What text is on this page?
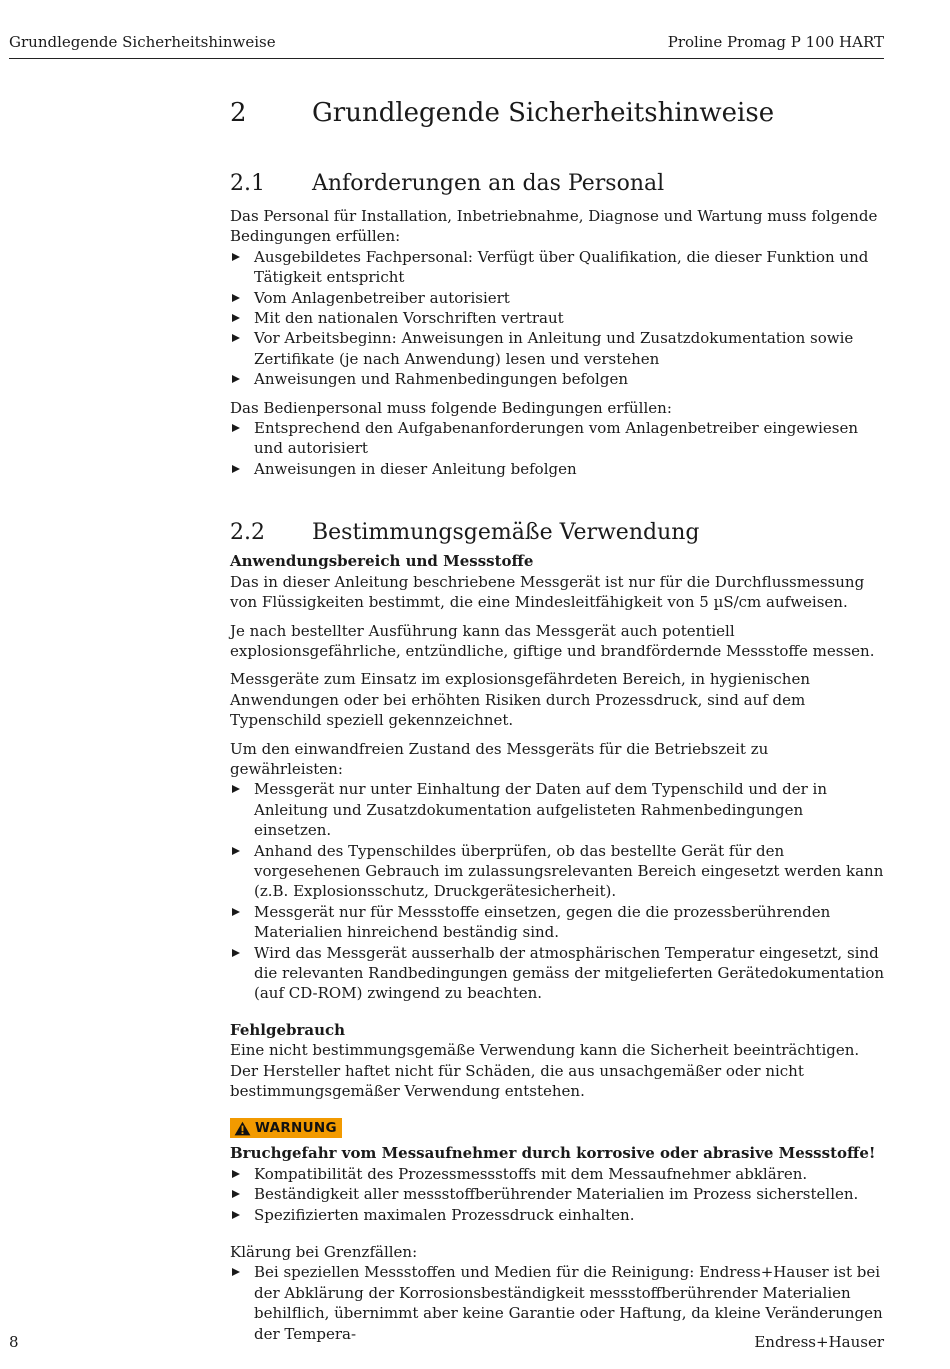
Grundlegende Sicherheitshinweise	Proline Promag P 100 HART
2	Grundlegende Sicherheitshinweise
2.1	Anforderungen an das Personal

Das Personal für Installation, Inbetriebnahme, Diagnose und Wartung muss folgende Bedingungen erfüllen:

Ausgebildetes Fachpersonal: Verfügt über Qualifikation, die dieser Funktion und Tätigkeit entspricht
Vom Anlagenbetreiber autorisiert
Mit den nationalen Vorschriften vertraut
Vor Arbeitsbeginn: Anweisungen in Anleitung und Zusatzdokumentation sowie Zertifikate (je nach Anwendung) lesen und verstehen
Anweisungen und Rahmenbedingungen befolgen

Das Bedienpersonal muss folgende Bedingungen erfüllen:

Entsprechend den Aufgabenanforderungen vom Anlagenbetreiber eingewiesen und autorisiert
Anweisungen in dieser Anleitung befolgen
2.2	Bestimmungsgemäße Verwendung

Anwendungsbereich und Messstoffe

Das in dieser Anleitung beschriebene Messgerät ist nur für die Durchflussmessung von Flüssigkeiten bestimmt, die eine Mindesleitfähigkeit von 5 µS/cm aufweisen.

Je nach bestellter Ausführung kann das Messgerät auch potentiell explosionsgefährliche, entzündliche, giftige und brandfördernde Messstoffe messen.

Messgeräte zum Einsatz im explosionsgefährdeten Bereich, in hygienischen Anwendungen oder bei erhöhten Risiken durch Prozessdruck, sind auf dem Typenschild speziell gekennzeichnet.

Um den einwandfreien Zustand des Messgeräts für die Betriebszeit zu gewährleisten:

Messgerät nur unter Einhaltung der Daten auf dem Typenschild und der in Anleitung und Zusatzdokumentation aufgelisteten Rahmenbedingungen einsetzen.
Anhand des Typenschildes überprüfen, ob das bestellte Gerät für den vorgesehenen Gebrauch im zulassungsrelevanten Bereich eingesetzt werden kann (z.B. Explosionsschutz, Druckgerätesicherheit).
Messgerät nur für Messstoffe einsetzen, gegen die die prozessberührenden Materialien hinreichend beständig sind.
Wird das Messgerät ausserhalb der atmosphärischen Temperatur eingesetzt, sind die relevanten Randbedingungen gemäss der mitgelieferten Gerätedokumentation (auf CD-ROM) zwingend zu beachten.

Fehlgebrauch

Eine nicht bestimmungsgemäße Verwendung kann die Sicherheit beeinträchtigen. Der Hersteller haftet nicht für Schäden, die aus unsachgemäßer oder nicht bestimmungsgemäßer Verwendung entstehen.

WARNUNG

Bruchgefahr vom Messaufnehmer durch korrosive oder abrasive Messstoffe!

Kompatibilität des Prozessmessstoffs mit dem Messaufnehmer abklären.
Beständigkeit aller messstoffberührender Materialien im Prozess sicherstellen.
Spezifizierten maximalen Prozessdruck einhalten.

Klärung bei Grenzfällen:

Bei speziellen Messstoffen und Medien für die Reinigung: Endress+Hauser ist bei der Abklärung der Korrosionsbeständigkeit messstoffberührender Materialien behilflich, übernimmt aber keine Garantie oder Haftung, da kleine Veränderungen der Tempera-
8	Endress+Hauser
